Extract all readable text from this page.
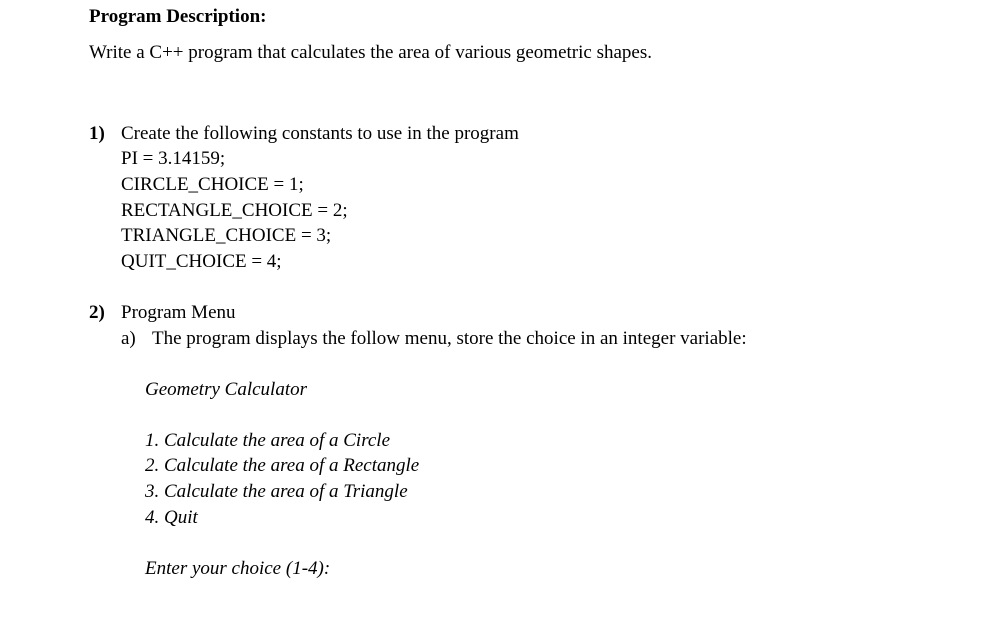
Program Description:
Write a C++ program that calculates the area of various geometric shapes.
1) Create the following constants to use in the program
PI = 3.14159;
CIRCLE_CHOICE = 1;
RECTANGLE_CHOICE = 2;
TRIANGLE_CHOICE = 3;
QUIT_CHOICE = 4;
2) Program Menu
a) The program displays the follow menu, store the choice in an integer variable:
Geometry Calculator
1. Calculate the area of a Circle
2. Calculate the area of a Rectangle
3. Calculate the area of a Triangle
4. Quit
Enter your choice (1-4):
